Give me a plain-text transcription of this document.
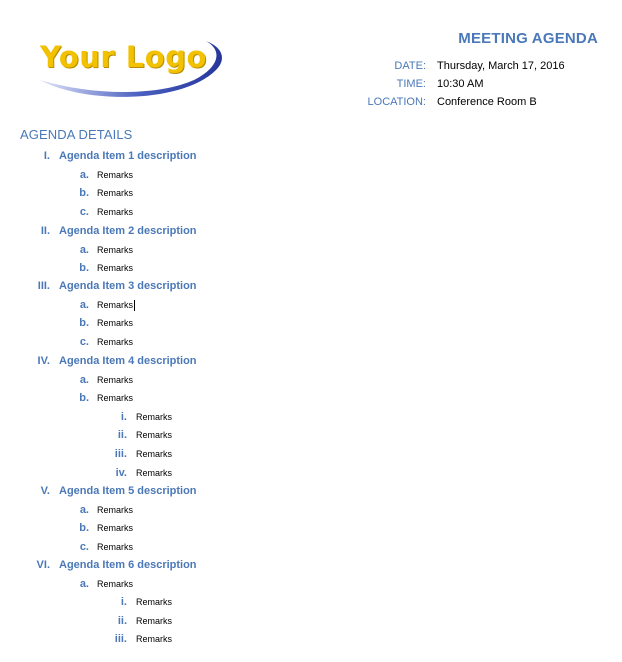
Your Logo
MEETING AGENDA
DATE:	Thursday, March 17, 2016
TIME:	10:30 AM
LOCATION:	Conference Room B
AGENDA DETAILS
I. Agenda Item 1 description
a. Remarks
b. Remarks
c. Remarks
II. Agenda Item 2 description
a. Remarks
b. Remarks
III. Agenda Item 3 description
a. Remarks
b. Remarks
c. Remarks
IV. Agenda Item 4 description
a. Remarks
b. Remarks
i. Remarks
ii. Remarks
iii. Remarks
iv. Remarks
V. Agenda Item 5 description
a. Remarks
b. Remarks
c. Remarks
VI. Agenda Item 6 description
a. Remarks
i. Remarks
ii. Remarks
iii. Remarks
